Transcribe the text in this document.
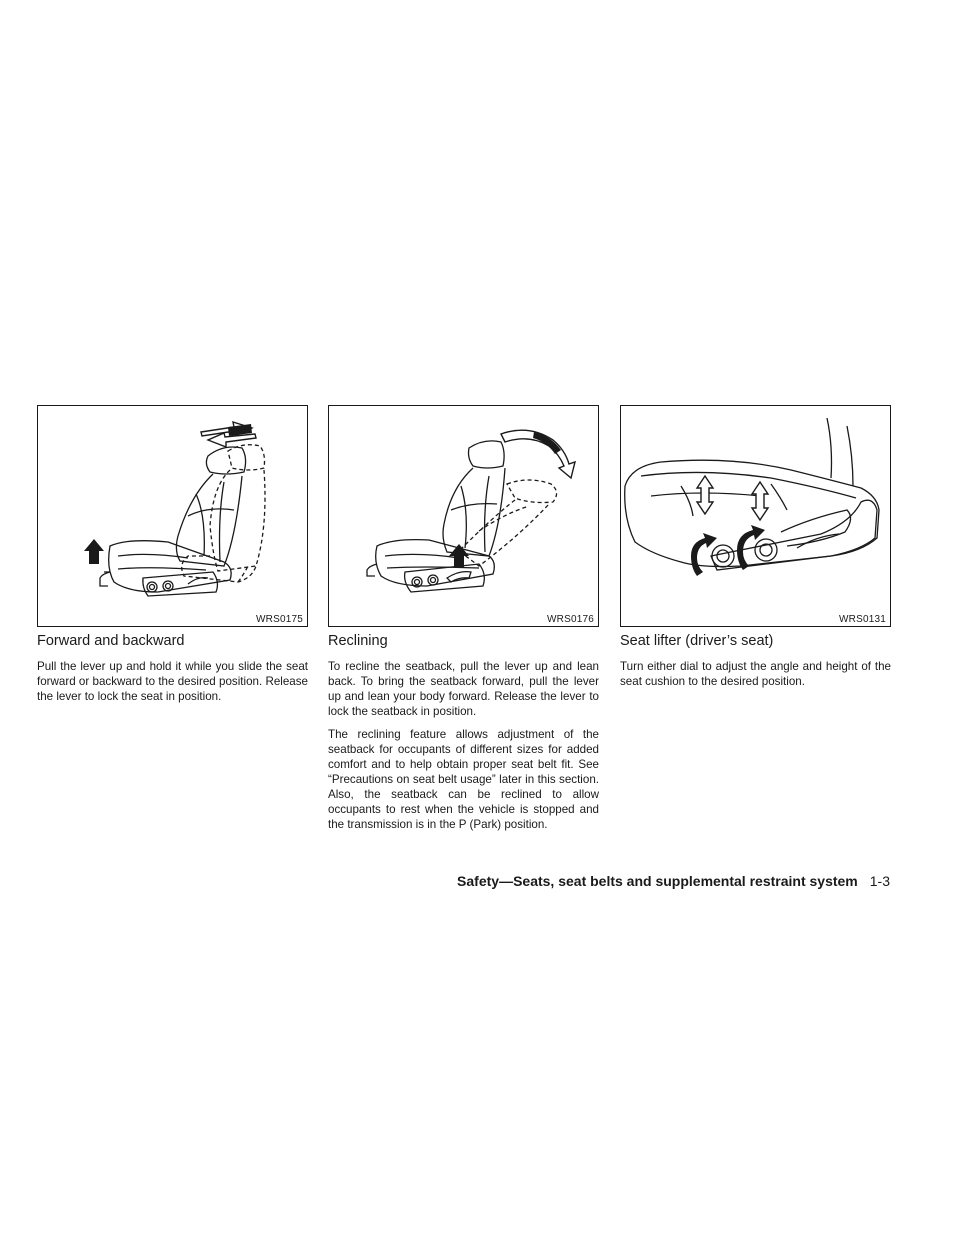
WRS0175
Forward and backward

Pull the lever up and hold it while you slide the seat forward or backward to the desired position. Release the lever to lock the seat in position.

WRS0176
Reclining

To recline the seatback, pull the lever up and lean back. To bring the seatback forward, pull the lever up and lean your body forward. Release the lever to lock the seatback in position.

The reclining feature allows adjustment of the seatback for occupants of different sizes for added comfort and to help obtain proper seat belt fit. See “Precautions on seat belt usage” later in this section. Also, the seatback can be reclined to allow occupants to rest when the vehicle is stopped and the transmission is in the P (Park) position.

WRS0131
Seat lifter (driver’s seat)

Turn either dial to adjust the angle and height of the seat cushion to the desired position.

Safety—Seats, seat belts and supplemental restraint system 1-3
